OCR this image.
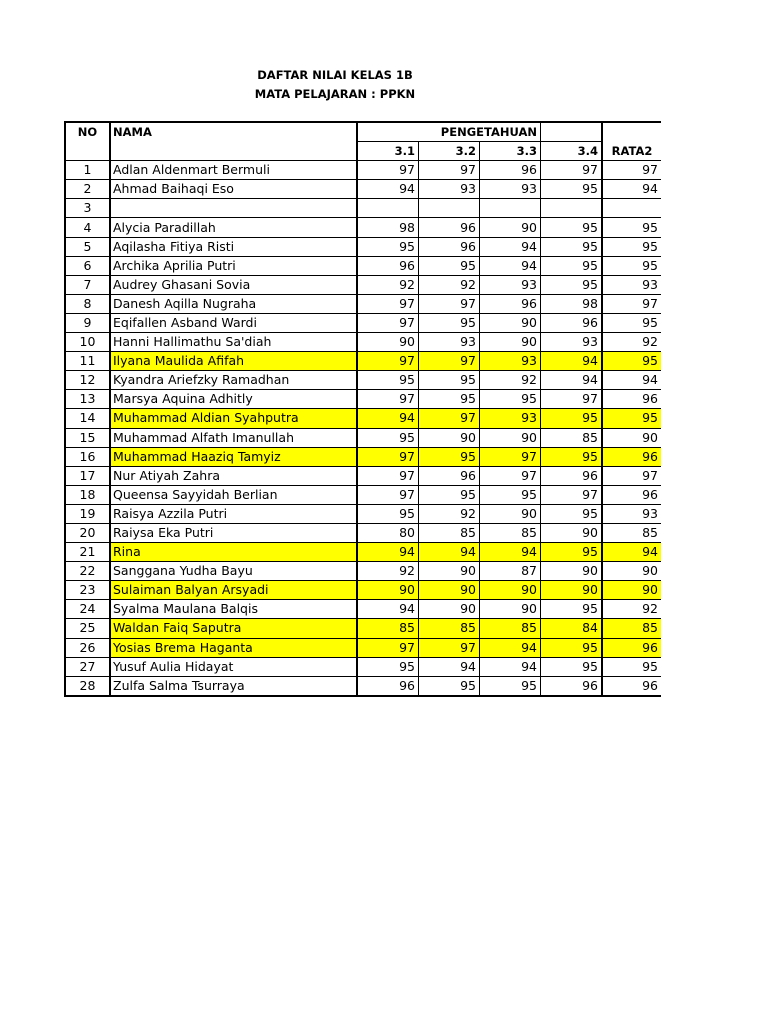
DAFTAR NILAI KELAS 1B
MATA PELAJARAN : PPKN
NO	NAMA	PENGETAHUAN				
		3.1	3.2	3.3	3.4	RATA2
1	Adlan Aldenmart Bermuli	97	97	96	97	97
2	Ahmad Baihaqi Eso	94	93	93	95	94
3						
4	Alycia Paradillah	98	96	90	95	95
5	Aqilasha Fitiya Risti	95	96	94	95	95
6	Archika Aprilia Putri	96	95	94	95	95
7	Audrey Ghasani Sovia	92	92	93	95	93
8	Danesh Aqilla Nugraha	97	97	96	98	97
9	Eqifallen Asband Wardi	97	95	90	96	95
10	Hanni Hallimathu Sa'diah	90	93	90	93	92
11	Ilyana Maulida Afifah	97	97	93	94	95
12	Kyandra Ariefzky Ramadhan	95	95	92	94	94
13	Marsya Aquina Adhitly	97	95	95	97	96
14	Muhammad Aldian Syahputra	94	97	93	95	95
15	Muhammad Alfath Imanullah	95	90	90	85	90
16	Muhammad Haaziq Tamyiz	97	95	97	95	96
17	Nur Atiyah Zahra	97	96	97	96	97
18	Queensa Sayyidah Berlian	97	95	95	97	96
19	Raisya Azzila Putri	95	92	90	95	93
20	Raiysa Eka Putri	80	85	85	90	85
21	Rina	94	94	94	95	94
22	Sanggana Yudha Bayu	92	90	87	90	90
23	Sulaiman Balyan Arsyadi	90	90	90	90	90
24	Syalma Maulana Balqis	94	90	90	95	92
25	Waldan Faiq Saputra	85	85	85	84	85
26	Yosias Brema Haganta	97	97	94	95	96
27	Yusuf Aulia Hidayat	95	94	94	95	95
28	Zulfa Salma Tsurraya	96	95	95	96	96
